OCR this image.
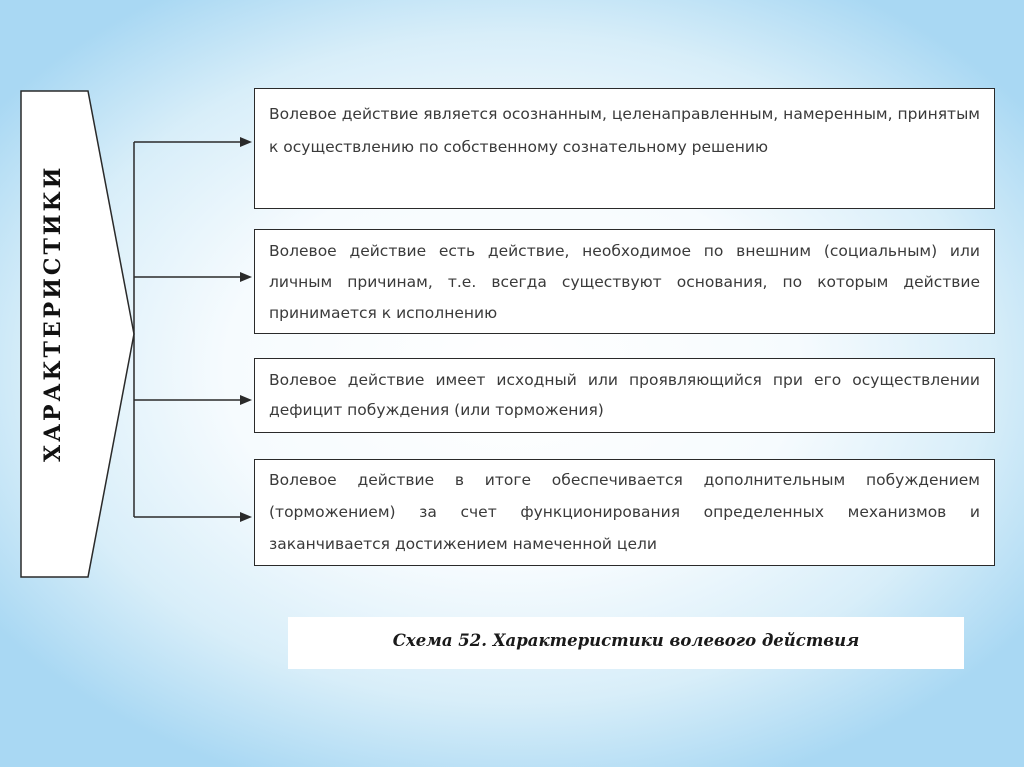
ХАРАКТЕРИСТИКИ
Волевое действие является осознанным, целенаправленным, намеренным, принятым к осуществлению по собственному сознательному решению
Волевое действие есть действие, необходимое по внешним (социальным) или личным причинам, т.е. всегда существуют основания, по которым действие принимается к исполнению
Волевое действие имеет исходный или проявляющийся при его осуществлении дефицит побуждения (или торможения)
Волевое действие в итоге обеспечивается дополнительным побуждением (торможением) за счет функционирования определенных механизмов и заканчивается достижением намеченной цели
Схема 52. Характеристики волевого действия
